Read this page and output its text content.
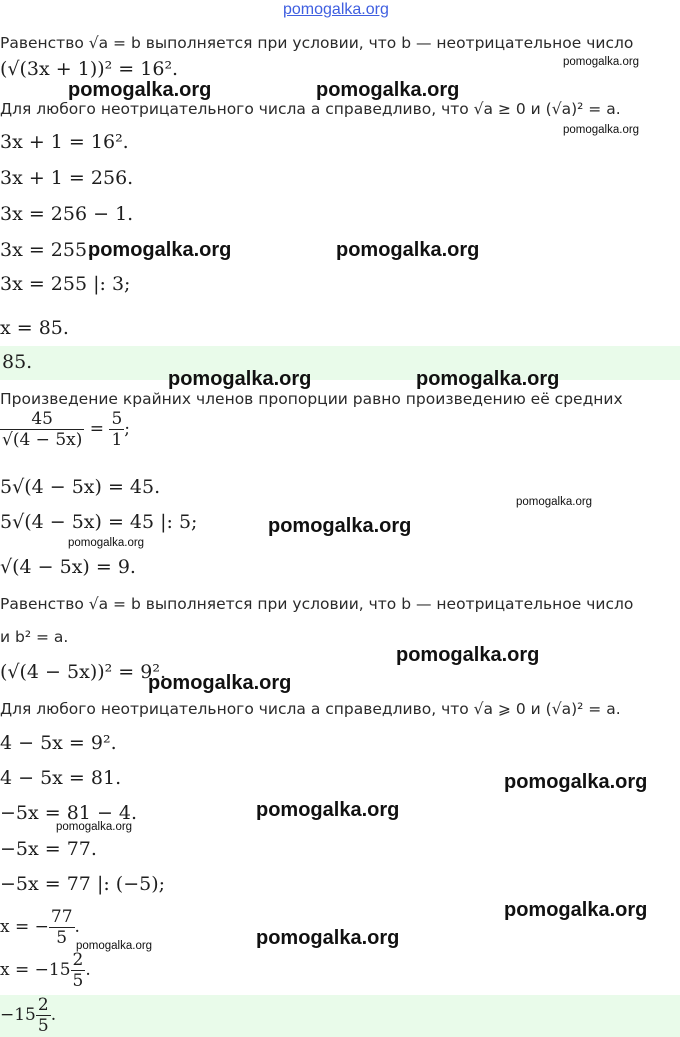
pomogalka.org
Равенство √a = b выполняется при условии, что b — неотрицательное число
(√(3x + 1))² = 16².
Для любого неотрицательного числа a справедливо, что √a ≥ 0 и (√a)² = a.
3x + 1 = 16².
3x + 1 = 256.
3x = 256 − 1.
3x = 255.
3x = 255 |: 3;
x = 85.
85.
Произведение крайних членов пропорции равно произведению её средних
$\frac{45}{√(4 - 5x)} = \frac{5}{1}$ ;
5√(4 − 5x) = 45.
5√(4 − 5x) = 45 |: 5;
√(4 − 5x) = 9.
Равенство √a = b выполняется при условии, что b — неотрицательное число
и b² = a.
(√(4 − 5x))² = 9².
Для любого неотрицательного числа a справедливо, что √a ⩾ 0 и (√a)² = a.
4 − 5x = 9².
4 − 5x = 81.
−5x = 81 − 4.
−5x = 77.
−5x = 77 |: (−5);
x = − $\frac{77}{5}$ .
$x = -15 \frac{2}{5}$ .
$-15 \frac{2}{5}$ .
pomogalka.org
pomogalka.org	pomogalka.org
pomogalka.org
pomogalka.org	pomogalka.org
pomogalka.org	pomogalka.org
pomogalka.org
pomogalka.org
pomogalka.org
pomogalka.org
pomogalka.org
pomogalka.org
pomogalka.org
pomogalka.org
pomogalka.org
pomogalka.org
pomogalka.org
